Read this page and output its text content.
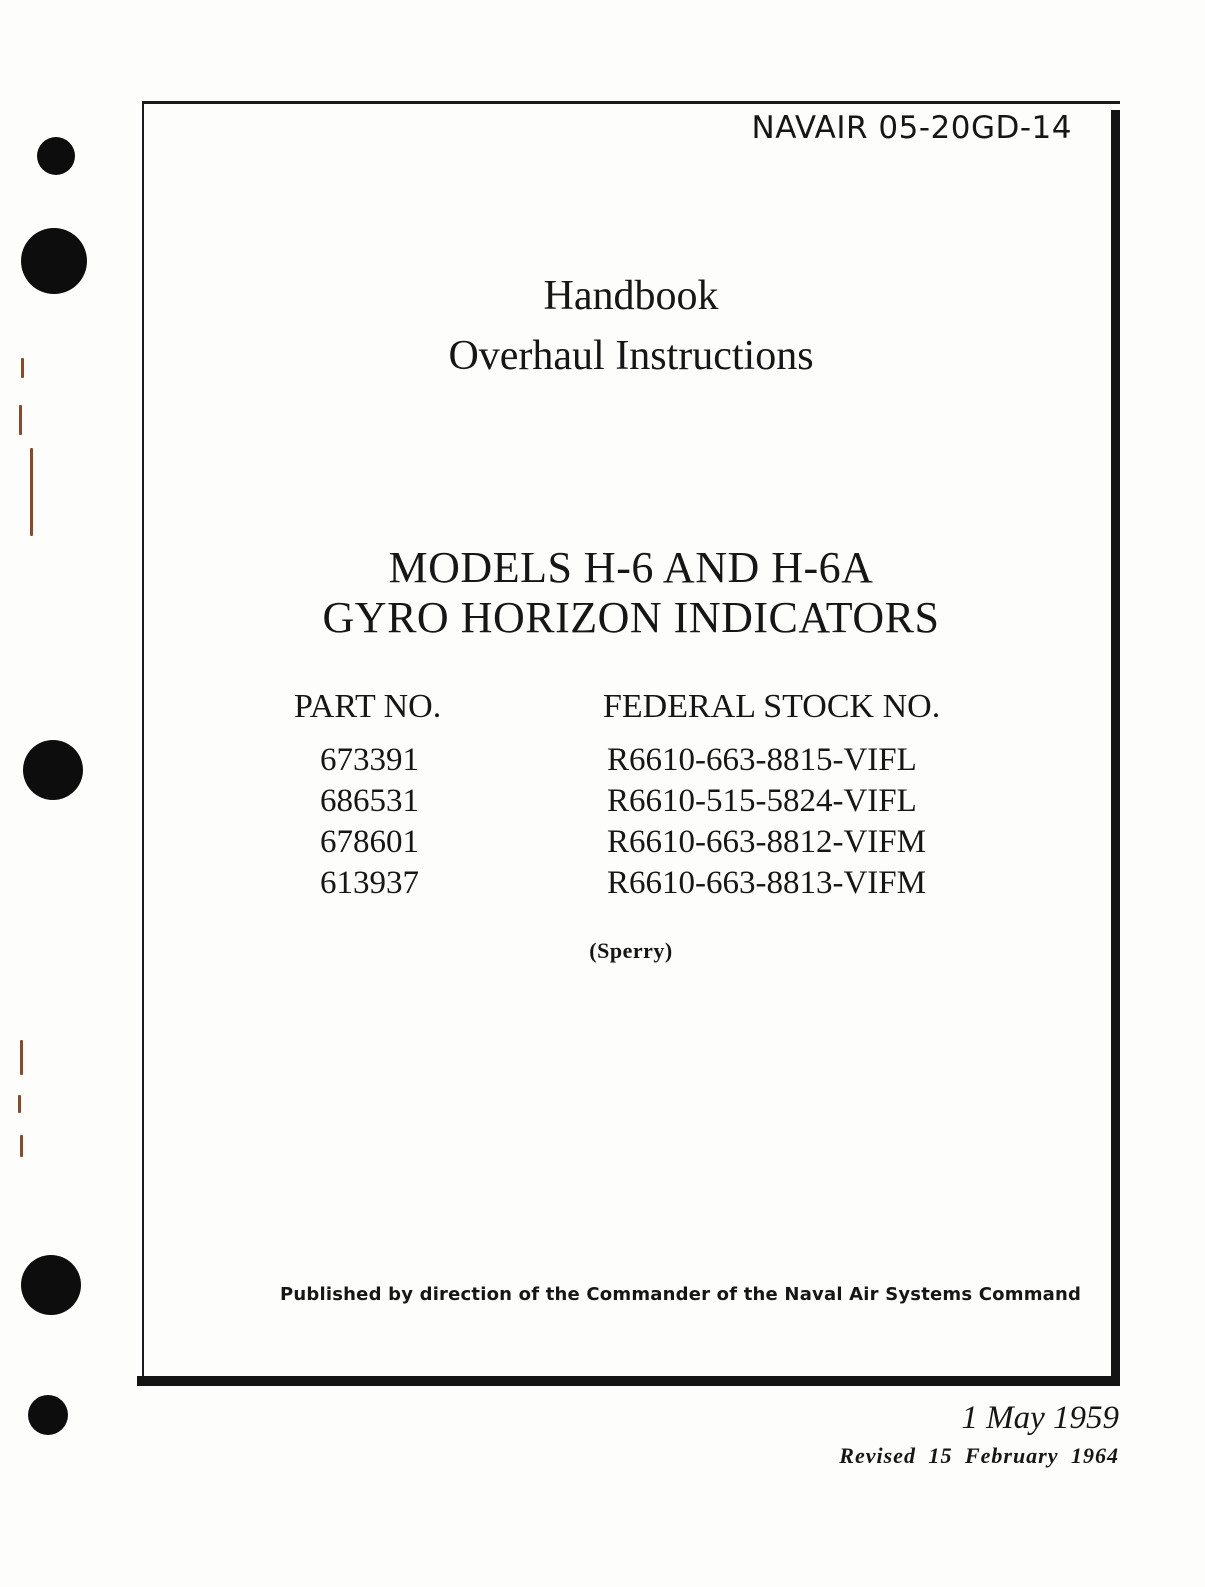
NAVAIR 05-20GD-14
Handbook
Overhaul Instructions
MODELS H-6 AND H-6A
GYRO HORIZON INDICATORS
PART NO.	FEDERAL STOCK NO.
673391
686531
678601
613937
R6610-663-8815-VIFL
R6610-515-5824-VIFL
R6610-663-8812-VIFM
R6610-663-8813-VIFM
(Sperry)
Published by direction of the Commander of the Naval Air Systems Command
1 May 1959
Revised 15 February 1964
